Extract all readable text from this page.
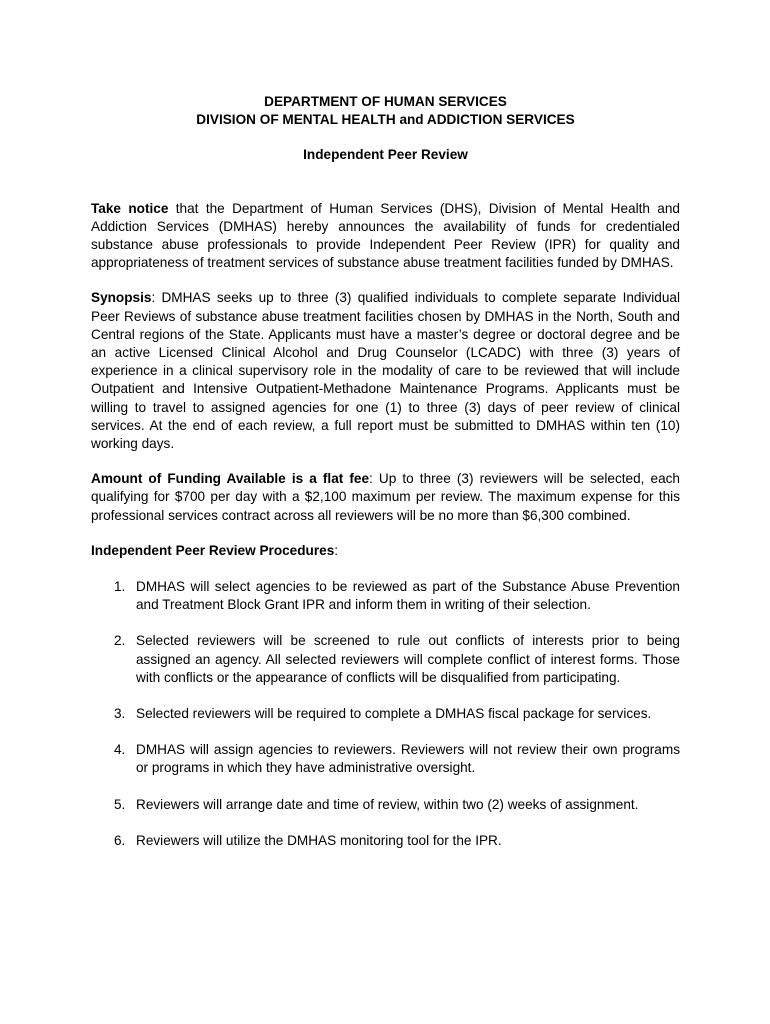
DEPARTMENT OF HUMAN SERVICES
DIVISION OF MENTAL HEALTH and ADDICTION SERVICES
Independent Peer Review

Take notice that the Department of Human Services (DHS), Division of Mental Health and Addiction Services (DMHAS) hereby announces the availability of funds for credentialed substance abuse professionals to provide Independent Peer Review (IPR) for quality and appropriateness of treatment services of substance abuse treatment facilities funded by DMHAS.

Synopsis: DMHAS seeks up to three (3) qualified individuals to complete separate Individual Peer Reviews of substance abuse treatment facilities chosen by DMHAS in the North, South and Central regions of the State. Applicants must have a master’s degree or doctoral degree and be an active Licensed Clinical Alcohol and Drug Counselor (LCADC) with three (3) years of experience in a clinical supervisory role in the modality of care to be reviewed that will include Outpatient and Intensive Outpatient-Methadone Maintenance Programs. Applicants must be willing to travel to assigned agencies for one (1) to three (3) days of peer review of clinical services. At the end of each review, a full report must be submitted to DMHAS within ten (10) working days.

Amount of Funding Available is a flat fee: Up to three (3) reviewers will be selected, each qualifying for $700 per day with a $2,100 maximum per review. The maximum expense for this professional services contract across all reviewers will be no more than $6,300 combined.

Independent Peer Review Procedures:

1. DMHAS will select agencies to be reviewed as part of the Substance Abuse Prevention and Treatment Block Grant IPR and inform them in writing of their selection.
2. Selected reviewers will be screened to rule out conflicts of interests prior to being assigned an agency. All selected reviewers will complete conflict of interest forms. Those with conflicts or the appearance of conflicts will be disqualified from participating.
3. Selected reviewers will be required to complete a DMHAS fiscal package for services.
4. DMHAS will assign agencies to reviewers. Reviewers will not review their own programs or programs in which they have administrative oversight.
5. Reviewers will arrange date and time of review, within two (2) weeks of assignment.
6. Reviewers will utilize the DMHAS monitoring tool for the IPR.
